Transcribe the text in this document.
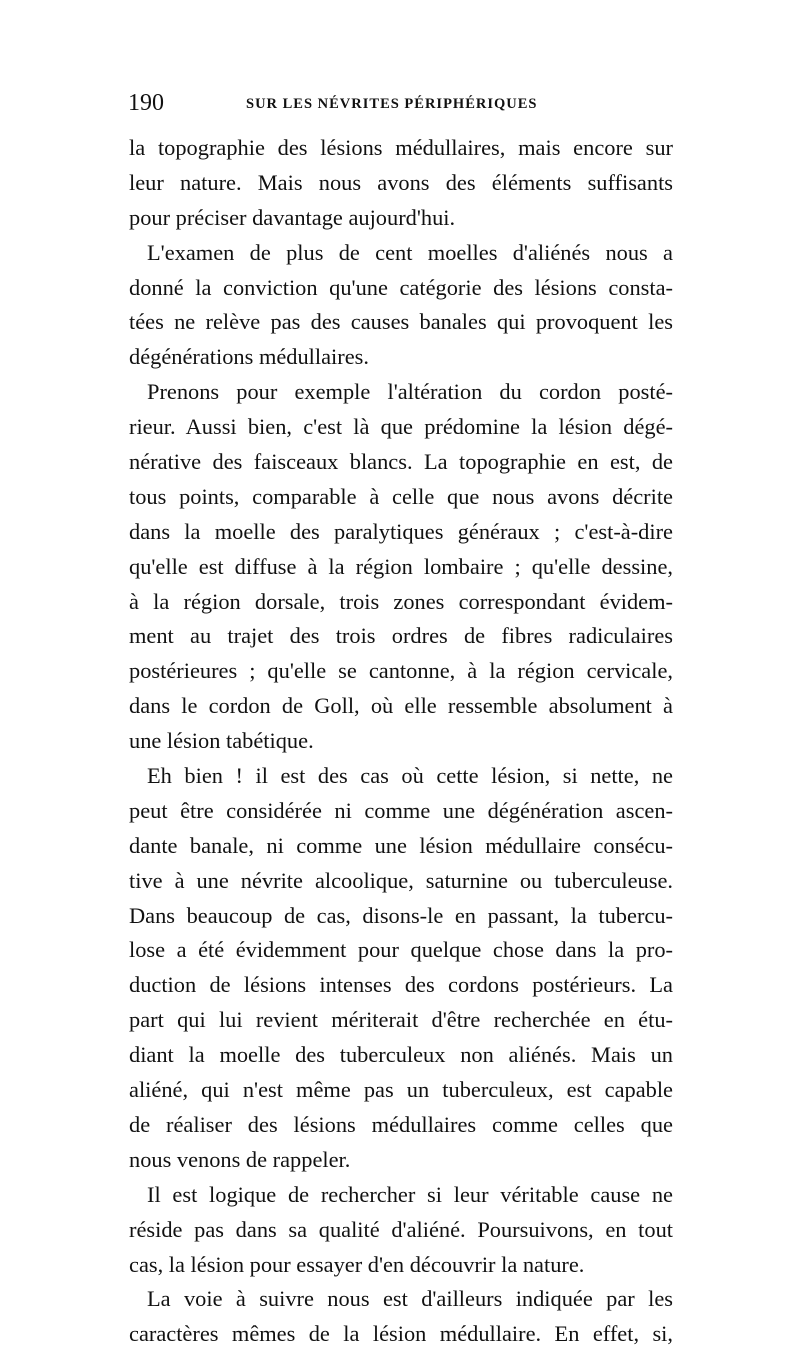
190	SUR LES NÉVRITES PÉRIPHÉRIQUES
la topographie des lésions médullaires, mais encore sur
leur nature. Mais nous avons des éléments suffisants
pour préciser davantage aujourd'hui.
L'examen de plus de cent moelles d'aliénés nous a
donné la conviction qu'une catégorie des lésions consta-
tées ne relève pas des causes banales qui provoquent les
dégénérations médullaires.
Prenons pour exemple l'altération du cordon posté-
rieur. Aussi bien, c'est là que prédomine la lésion dégé-
nérative des faisceaux blancs. La topographie en est, de
tous points, comparable à celle que nous avons décrite
dans la moelle des paralytiques généraux ; c'est-à-dire
qu'elle est diffuse à la région lombaire ; qu'elle dessine,
à la région dorsale, trois zones correspondant évidem-
ment au trajet des trois ordres de fibres radiculaires
postérieures ; qu'elle se cantonne, à la région cervicale,
dans le cordon de Goll, où elle ressemble absolument à
une lésion tabétique.
Eh bien ! il est des cas où cette lésion, si nette, ne
peut être considérée ni comme une dégénération ascen-
dante banale, ni comme une lésion médullaire consécu-
tive à une névrite alcoolique, saturnine ou tuberculeuse.
Dans beaucoup de cas, disons-le en passant, la tubercu-
lose a été évidemment pour quelque chose dans la pro-
duction de lésions intenses des cordons postérieurs. La
part qui lui revient mériterait d'être recherchée en étu-
diant la moelle des tuberculeux non aliénés. Mais un
aliéné, qui n'est même pas un tuberculeux, est capable
de réaliser des lésions médullaires comme celles que
nous venons de rappeler.
Il est logique de rechercher si leur véritable cause ne
réside pas dans sa qualité d'aliéné. Poursuivons, en tout
cas, la lésion pour essayer d'en découvrir la nature.
La voie à suivre nous est d'ailleurs indiquée par les
caractères mêmes de la lésion médullaire. En effet, si,
